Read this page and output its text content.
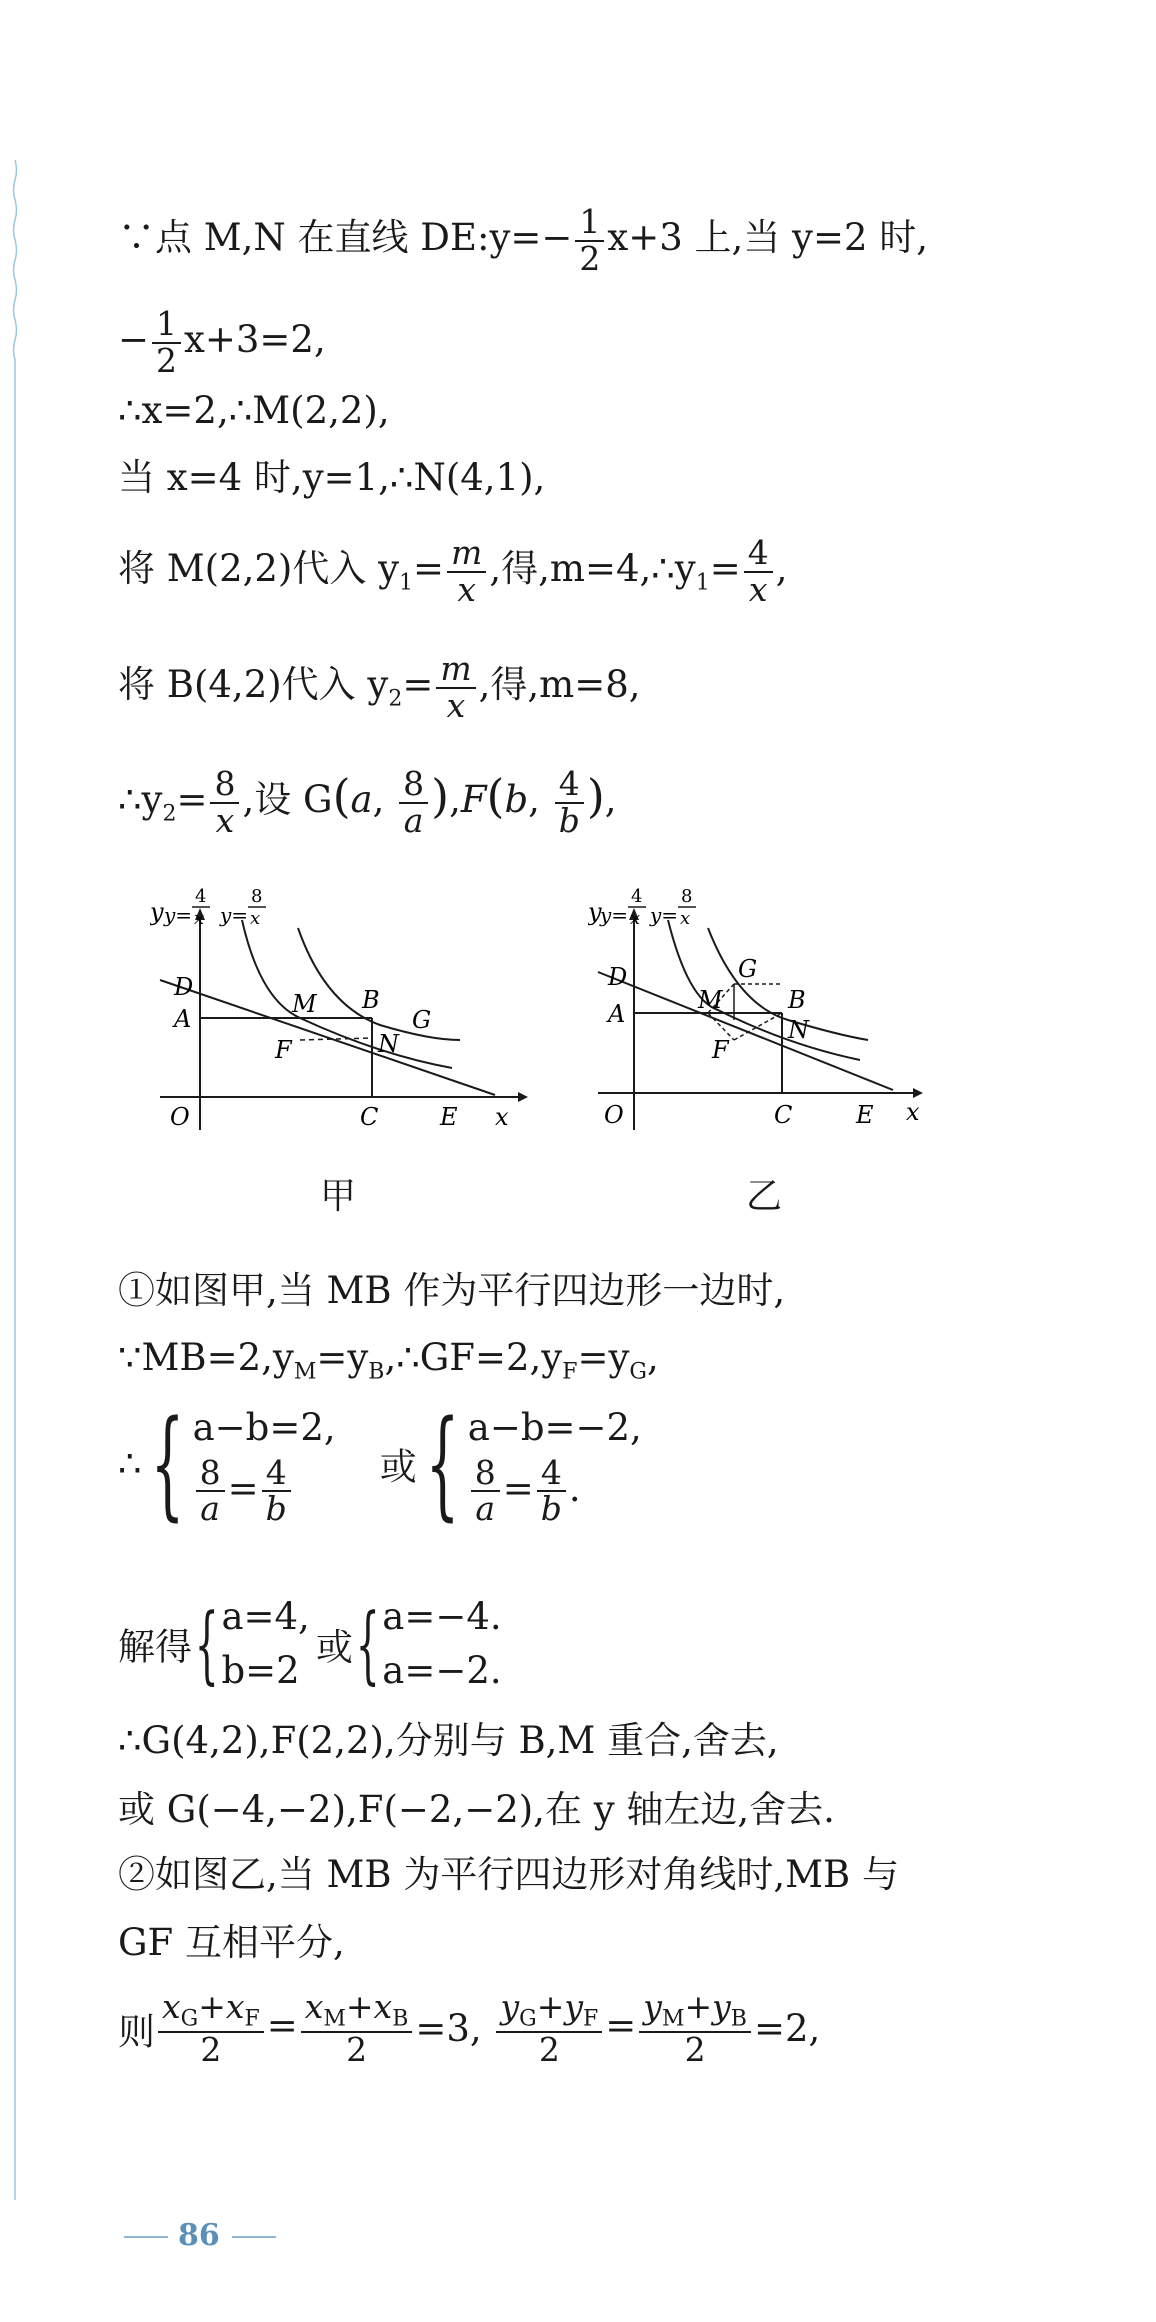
∵点 M,N 在直线 DE:y=− $\frac{1}{2} x+3$ 上,当 y=2 时,
− $\frac{1}{2} x+3=2$,
∴x=2,∴M(2,2),
当 x=4 时,y=1,∴N(4,1),
将 M(2,2)代入 $y_1= \frac{m}{x}$ ,得$,m=4,\therefore y_1= \frac{4}{x}$ ,
将 B(4,2)代入 $y_2= \frac{m}{x}$ ,得,m=8,
$\therefore y_2= \frac{8}{x}$ ,设 G(a, $\frac{8}{a} ),F(b$, $\frac{4}{b}$ ),
y y=
4
x y=
8
x
D
A
M B
G
F	N
O	C	E x
甲
y
y=
4
x y=
8
x
D
A	M
G
B
F
N
O	C	E x
乙
①如图甲,当 MB 作为平行四边形一边时,
$\because MB=2,y_M=y_B,\therefore GF=2,y_F=y_G$,
∴{ a−b=2,
$\frac{8}{a} = \frac{4}{b}$ 或{ a−b=−2,
$\frac{8}{a} = \frac{4}{b}$ .
解得{ a=4,
b=2
或{ a=−4.
a=−2.
∴G(4,2),F(2,2),分别与 B,M 重合,舍去,
或 G(−4,−2),F(−2,−2),在 y 轴左边,舍去.
②如图乙,当 MB 为平行四边形对角线时,MB 与
GF 互相平分,
则 $\frac{x_G+x_F}{2} = \frac{x_M+x_B}{2} =3$, $\frac{y_G+y_F}{2} = \frac{y_M+y_B}{2} =2$,
86
